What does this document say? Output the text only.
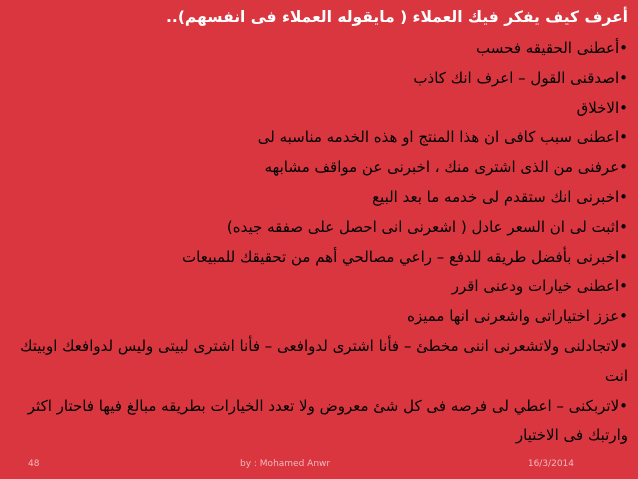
أعرف كيف يفكر فيك العملاء ( مايقوله العملاء فى انفسهم)..
•أعطنى الحقيقه فحسب
•اصدقنى القول – اعرف انك كاذب
•الاخلاق
•اعطنى سبب كافى ان هذا المنتج او هذه الخدمه مناسبه لى
•عرفنى من الذى اشترى منك ، اخبرنى عن مواقف مشابهه
•اخبرنى انك ستقدم لى خدمه ما بعد البيع
•اثبت لى ان السعر عادل ( اشعرنى انى احصل على صفقه جيده)
•اخبرنى بأفضل طريقه للدفع – راعي مصالحي أهم من تحقيقك للمبيعات
•اعطنى خيارات ودعنى اقرر
•عزز اختياراتى واشعرنى انها مميزه
•لاتجادلنى ولاتشعرنى اننى مخطئ – فأنا اشترى لدوافعى – فأنا اشترى لبيتى وليس لدوافعك اوبيتك انت
•لاتربكنى – اعطي لى فرصه فى كل شئ معروض ولا تعدد الخيارات بطريقه مبالغ فيها فاحتار اكثر وارتبك فى الاختيار
48	by : Mohamed Anwr	16/3/2014
